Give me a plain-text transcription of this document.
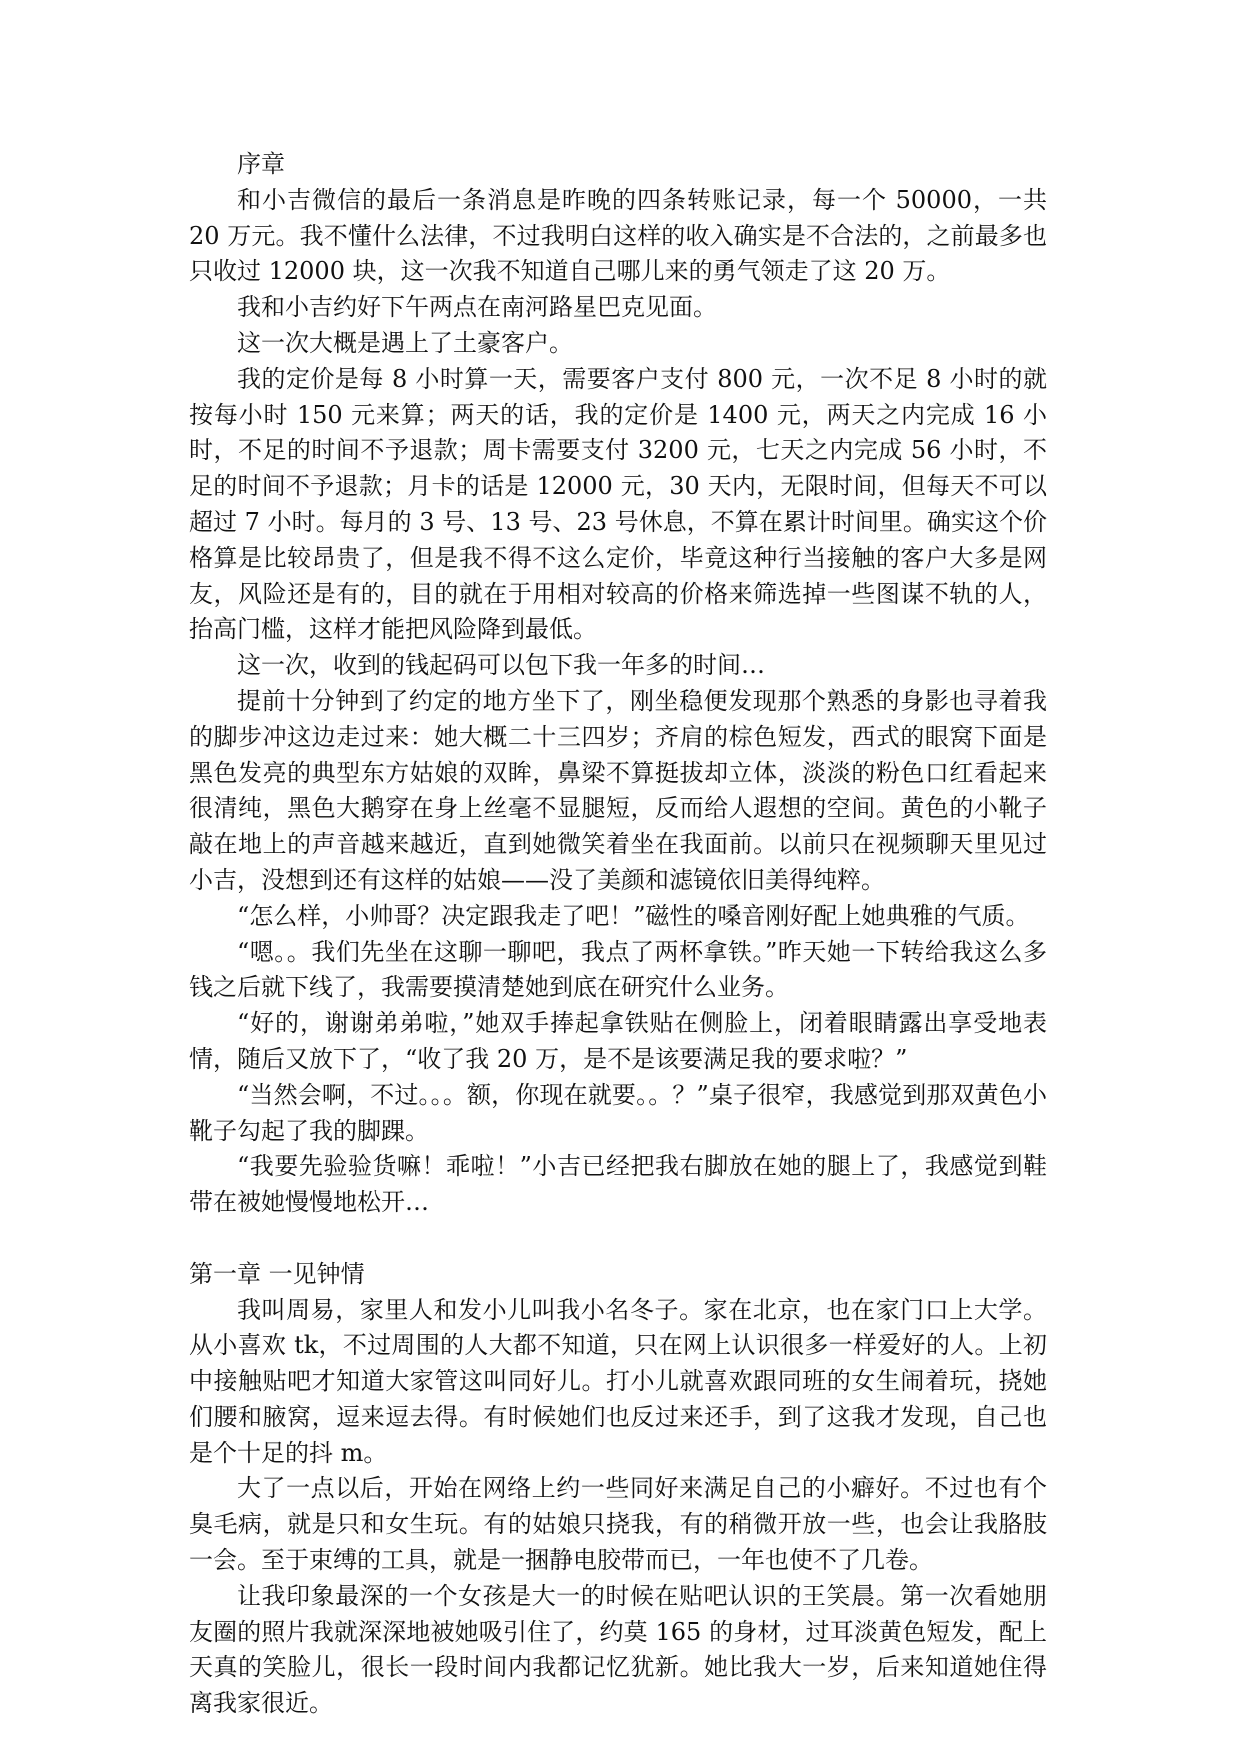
序章

和小吉微信的最后一条消息是昨晚的四条转账记录，每一个 50000，一共 20 万元。我不懂什么法律，不过我明白这样的收入确实是不合法的，之前最多也只收过 12000 块，这一次我不知道自己哪儿来的勇气领走了这 20 万。

我和小吉约好下午两点在南河路星巴克见面。

这一次大概是遇上了土豪客户。

我的定价是每 8 小时算一天，需要客户支付 800 元，一次不足 8 小时的就按每小时 150 元来算；两天的话，我的定价是 1400 元，两天之内完成 16 小时，不足的时间不予退款；周卡需要支付 3200 元，七天之内完成 56 小时，不足的时间不予退款；月卡的话是 12000 元，30 天内，无限时间，但每天不可以超过 7 小时。每月的 3 号、13 号、23 号休息，不算在累计时间里。确实这个价格算是比较昂贵了，但是我不得不这么定价，毕竟这种行当接触的客户大多是网友，风险还是有的，目的就在于用相对较高的价格来筛选掉一些图谋不轨的人，抬高门槛，这样才能把风险降到最低。

这一次，收到的钱起码可以包下我一年多的时间…

提前十分钟到了约定的地方坐下了，刚坐稳便发现那个熟悉的身影也寻着我的脚步冲这边走过来：她大概二十三四岁；齐肩的棕色短发，西式的眼窝下面是黑色发亮的典型东方姑娘的双眸，鼻梁不算挺拔却立体，淡淡的粉色口红看起来很清纯，黑色大鹅穿在身上丝毫不显腿短，反而给人遐想的空间。黄色的小靴子敲在地上的声音越来越近，直到她微笑着坐在我面前。以前只在视频聊天里见过小吉，没想到还有这样的姑娘——没了美颜和滤镜依旧美得纯粹。

“怎么样，小帅哥？决定跟我走了吧！”磁性的嗓音刚好配上她典雅的气质。

“嗯。。我们先坐在这聊一聊吧，我点了两杯拿铁。”昨天她一下转给我这么多钱之后就下线了，我需要摸清楚她到底在研究什么业务。

“好的，谢谢弟弟啦，”她双手捧起拿铁贴在侧脸上，闭着眼睛露出享受地表情，随后又放下了，“收了我 20 万，是不是该要满足我的要求啦？”

“当然会啊，不过。。。额，你现在就要。。？”桌子很窄，我感觉到那双黄色小靴子勾起了我的脚踝。

“我要先验验货嘛！乖啦！”小吉已经把我右脚放在她的腿上了，我感觉到鞋带在被她慢慢地松开…

第一章 一见钟情

我叫周易，家里人和发小儿叫我小名冬子。家在北京，也在家门口上大学。从小喜欢 tk，不过周围的人大都不知道，只在网上认识很多一样爱好的人。上初中接触贴吧才知道大家管这叫同好儿。打小儿就喜欢跟同班的女生闹着玩，挠她们腰和腋窝，逗来逗去得。有时候她们也反过来还手，到了这我才发现，自己也是个十足的抖 m。

大了一点以后，开始在网络上约一些同好来满足自己的小癖好。不过也有个臭毛病，就是只和女生玩。有的姑娘只挠我，有的稍微开放一些，也会让我胳肢一会。至于束缚的工具，就是一捆静电胶带而已，一年也使不了几卷。

让我印象最深的一个女孩是大一的时候在贴吧认识的王笑晨。第一次看她朋友圈的照片我就深深地被她吸引住了，约莫 165 的身材，过耳淡黄色短发，配上天真的笑脸儿，很长一段时间内我都记忆犹新。她比我大一岁，后来知道她住得离我家很近。
